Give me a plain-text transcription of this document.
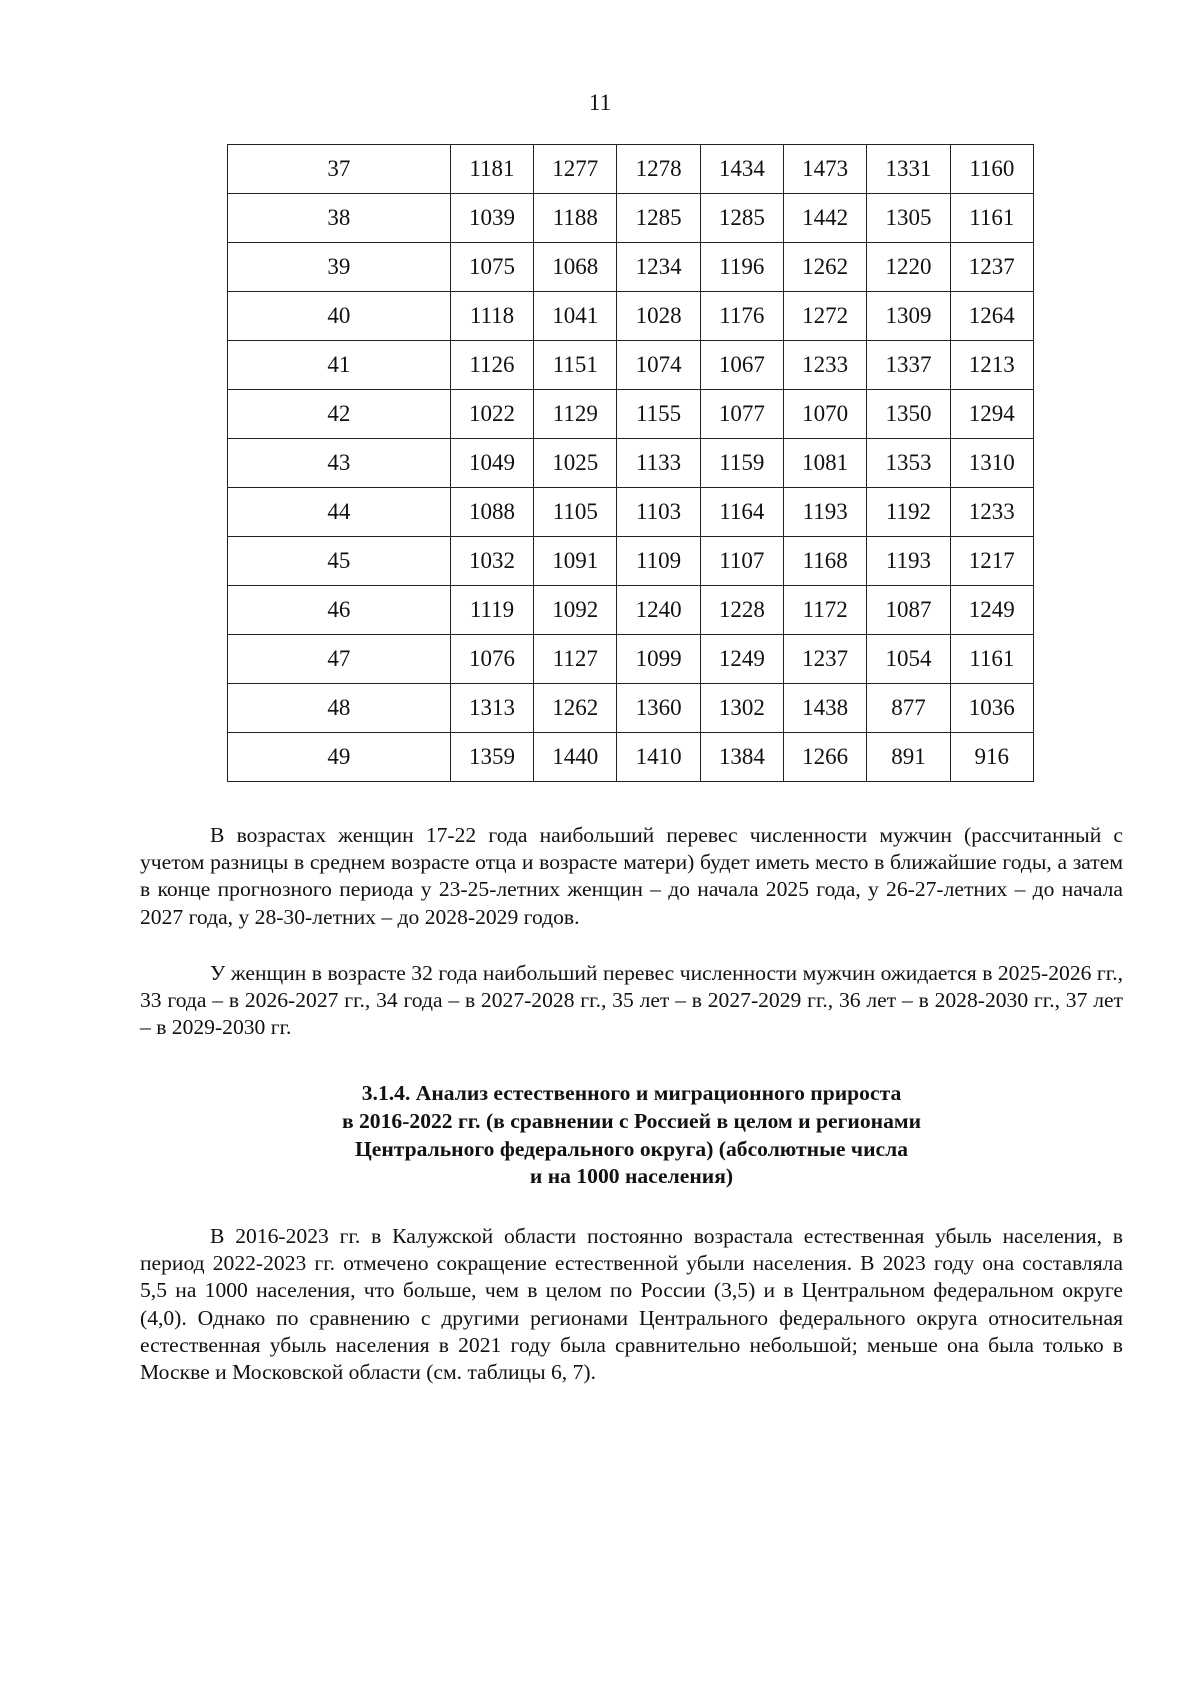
11
37	1181	1277	1278	1434	1473	1331	1160
38	1039	1188	1285	1285	1442	1305	1161
39	1075	1068	1234	1196	1262	1220	1237
40	1118	1041	1028	1176	1272	1309	1264
41	1126	1151	1074	1067	1233	1337	1213
42	1022	1129	1155	1077	1070	1350	1294
43	1049	1025	1133	1159	1081	1353	1310
44	1088	1105	1103	1164	1193	1192	1233
45	1032	1091	1109	1107	1168	1193	1217
46	1119	1092	1240	1228	1172	1087	1249
47	1076	1127	1099	1249	1237	1054	1161
48	1313	1262	1360	1302	1438	877	1036
49	1359	1440	1410	1384	1266	891	916

В возрастах женщин 17-22 года наибольший перевес численности мужчин (рассчитанный с учетом разницы в среднем возрасте отца и возрасте матери) будет иметь место в ближайшие годы, а затем в конце прогнозного периода у 23-25-летних женщин – до начала 2025 года, у 26-27-летних – до начала 2027 года, у 28-30-летних – до 2028-2029 годов.

У женщин в возрасте 32 года наибольший перевес численности мужчин ожидается в 2025-2026 гг., 33 года – в 2026-2027 гг., 34 года – в 2027-2028 гг., 35 лет – в 2027-2029 гг., 36 лет – в 2028-2030 гг., 37 лет – в 2029-2030 гг.

3.1.4. Анализ естественного и миграционного прироста
в 2016-2022 гг. (в сравнении с Россией в целом и регионами
Центрального федерального округа) (абсолютные числа
и на 1000 населения)

В 2016-2023 гг. в Калужской области постоянно возрастала естественная убыль населения, в период 2022-2023 гг. отмечено сокращение естественной убыли населения. В 2023 году она составляла 5,5 на 1000 населения, что больше, чем в целом по России (3,5) и в Центральном федеральном округе (4,0). Однако по сравнению с другими регионами Центрального федерального округа относительная естественная убыль населения в 2021 году была сравнительно небольшой; меньше она была только в Москве и Московской области (см. таблицы 6, 7).
